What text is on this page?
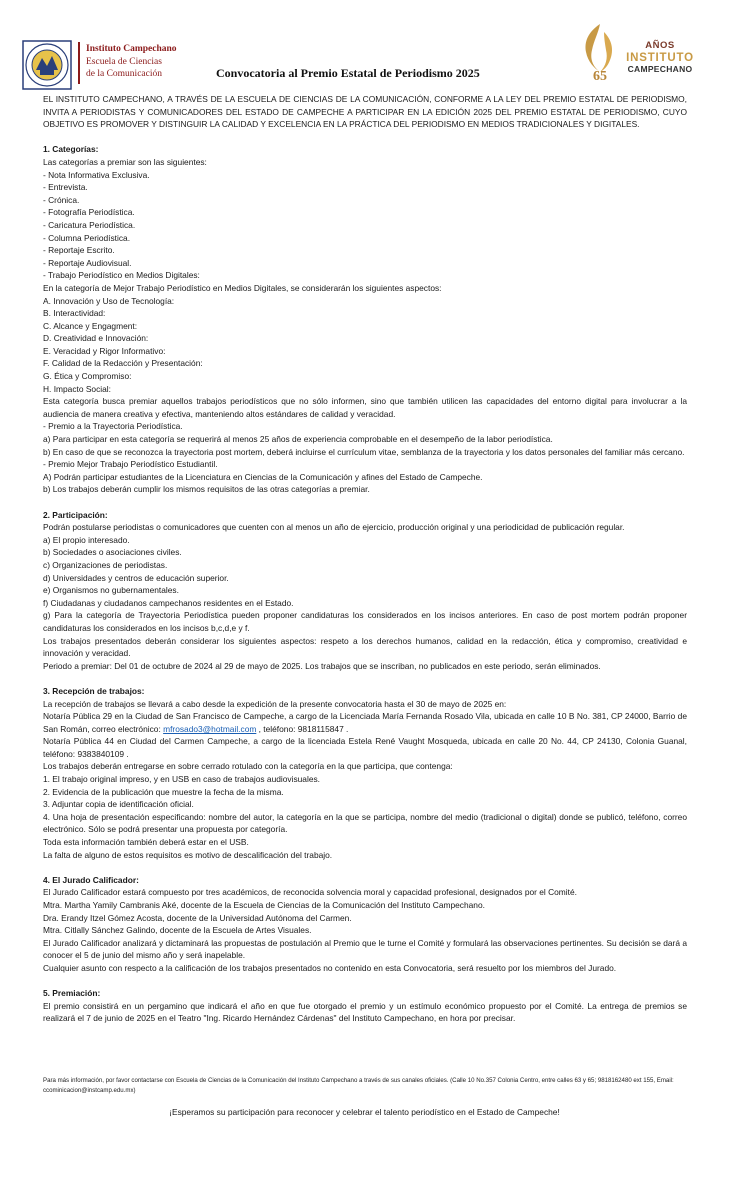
Instituto Campechano
Escuela de Ciencias
de la Comunicación	Convocatoria al Premio Estatal de Periodismo 2025	65
AÑOS
INSTITUTO
CAMPECHANO

EL INSTITUTO CAMPECHANO, A TRAVÉS DE LA ESCUELA DE CIENCIAS DE LA COMUNICACIÓN, CONFORME A LA LEY DEL PREMIO ESTATAL DE PERIODISMO, INVITA A PERIODISTAS Y COMUNICADORES DEL ESTADO DE CAMPECHE A PARTICIPAR EN LA EDICIÓN 2025 DEL PREMIO ESTATAL DE PERIODISMO, CUYO OBJETIVO ES PROMOVER Y DISTINGUIR LA CALIDAD Y EXCELENCIA EN LA PRÁCTICA DEL PERIODISMO EN MEDIOS TRADICIONALES Y DIGITALES.

1. Categorías:

Las categorías a premiar son las siguientes:

- Nota Informativa Exclusiva.

- Entrevista.

- Crónica.

- Fotografía Periodística.

- Caricatura Periodística.

- Columna Periodística.

- Reportaje Escrito.

- Reportaje Audiovisual.

- Trabajo Periodístico en Medios Digitales:

En la categoría de Mejor Trabajo Periodístico en Medios Digitales, se considerarán los siguientes aspectos:

A. Innovación y Uso de Tecnología:

B. Interactividad:

C. Alcance y Engagment:

D. Creatividad e Innovación:

E. Veracidad y Rigor Informativo:

F. Calidad de la Redacción y Presentación:

G. Ética y Compromiso:

H. Impacto Social:

Esta categoría busca premiar aquellos trabajos periodísticos que no sólo informen, sino que también utilicen las capacidades del entorno digital para involucrar a la audiencia de manera creativa y efectiva, manteniendo altos estándares de calidad y veracidad.

- Premio a la Trayectoria Periodística.

a) Para participar en esta categoría se requerirá al menos 25 años de experiencia comprobable en el desempeño de la labor periodística.

b) En caso de que se reconozca la trayectoria post mortem, deberá incluirse el currículum vitae, semblanza de la trayectoria y los datos personales del familiar más cercano.

- Premio Mejor Trabajo Periodístico Estudiantil.

A) Podrán participar estudiantes de la Licenciatura en Ciencias de la Comunicación y afines del Estado de Campeche.

b) Los trabajos deberán cumplir los mismos requisitos de las otras categorías a premiar.

2. Participación:

Podrán postularse periodistas o comunicadores que cuenten con al menos un año de ejercicio, producción original y una periodicidad de publicación regular.

a) El propio interesado.

b) Sociedades o asociaciones civiles.

c) Organizaciones de periodistas.

d) Universidades y centros de educación superior.

e) Organismos no gubernamentales.

f) Ciudadanas y ciudadanos campechanos residentes en el Estado.

g) Para la categoría de Trayectoria Periodística pueden proponer candidaturas los considerados en los incisos anteriores. En caso de post mortem podrán proponer candidaturas los considerados en los incisos b,c,d,e y f.

Los trabajos presentados deberán considerar los siguientes aspectos: respeto a los derechos humanos, calidad en la redacción, ética y compromiso, creatividad e innovación y veracidad.

Periodo a premiar: Del 01 de octubre de 2024 al 29 de mayo de 2025. Los trabajos que se inscriban, no publicados en este periodo, serán eliminados.

3. Recepción de trabajos:

La recepción de trabajos se llevará a cabo desde la expedición de la presente convocatoria hasta el 30 de mayo de 2025 en:

Notaría Pública 29 en la Ciudad de San Francisco de Campeche, a cargo de la Licenciada María Fernanda Rosado Vila, ubicada en calle 10 B No. 381, CP 24000, Barrio de San Román, correo electrónico: mfrosado3@hotmail.com , teléfono: 9818115847 .

Notaría Pública 44 en Ciudad del Carmen Campeche, a cargo de la licenciada Estela René Vaught Mosqueda, ubicada en calle 20 No. 44, CP 24130, Colonia Guanal, teléfono: 9383840109 .

Los trabajos deberán entregarse en sobre cerrado rotulado con la categoría en la que participa, que contenga:

1. El trabajo original impreso, y en USB en caso de trabajos audiovisuales.

2. Evidencia de la publicación que muestre la fecha de la misma.

3. Adjuntar copia de identificación oficial.

4. Una hoja de presentación especificando: nombre del autor, la categoría en la que se participa, nombre del medio (tradicional o digital) donde se publicó, teléfono, correo electrónico. Sólo se podrá presentar una propuesta por categoría.

Toda esta información también deberá estar en el USB.

La falta de alguno de estos requisitos es motivo de descalificación del trabajo.

4. El Jurado Calificador:

El Jurado Calificador estará compuesto por tres académicos, de reconocida solvencia moral y capacidad profesional, designados por el Comité.

Mtra. Martha Yamily Cambranis Aké, docente de la Escuela de Ciencias de la Comunicación del Instituto Campechano.

Dra. Erandy Itzel Gómez Acosta, docente de la Universidad Autónoma del Carmen.

Mtra. Citlally Sánchez Galindo, docente de la Escuela de Artes Visuales.

El Jurado Calificador analizará y dictaminará las propuestas de postulación al Premio que le turne el Comité y formulará las observaciones pertinentes. Su decisión se dará a conocer el 5 de junio del mismo año y será inapelable.

Cualquier asunto con respecto a la calificación de los trabajos presentados no contenido en esta Convocatoria, será resuelto por los miembros del Jurado.

5. Premiación:

El premio consistirá en un pergamino que indicará el año en que fue otorgado el premio y un estímulo económico propuesto por el Comité. La entrega de premios se realizará el 7 de junio de 2025 en el Teatro "Ing. Ricardo Hernández Cárdenas" del Instituto Campechano, en hora por precisar.

Para más información, por favor contactarse con Escuela de Ciencias de la Comunicación del Instituto Campechano a través de sus canales oficiales. (Calle 10 No.357 Colonia Centro, entre calles 63 y 65; 9818162480 ext 155, Email: ccominicacion@instcamp.edu.mx)
¡Esperamos su participación para reconocer y celebrar el talento periodístico en el Estado de Campeche!
